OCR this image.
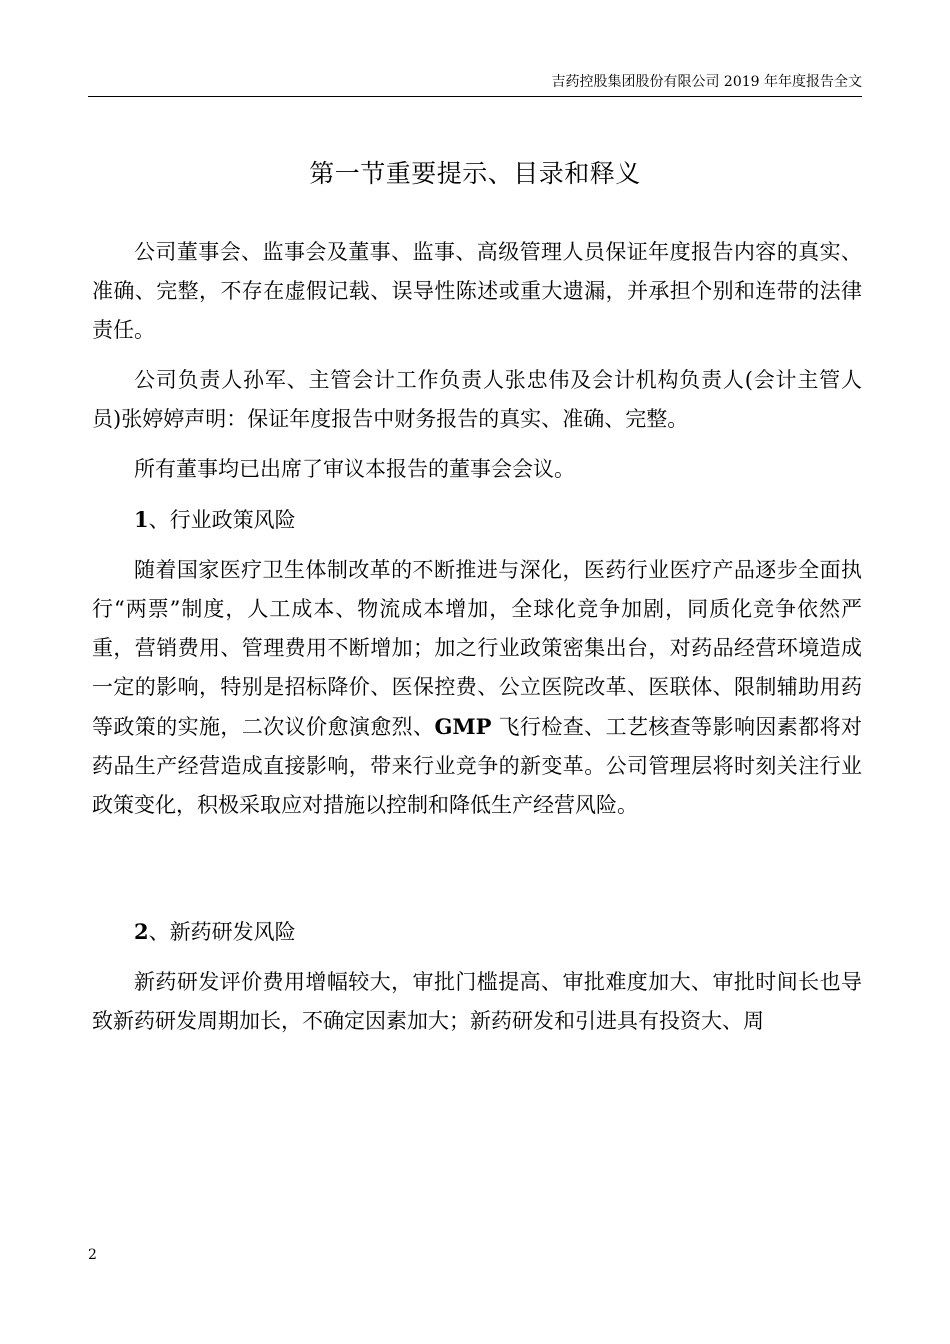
吉药控股集团股份有限公司 2019 年年度报告全文
第一节重要提示、目录和释义

公司董事会、监事会及董事、监事、高级管理人员保证年度报告内容的真实、准确、完整，不存在虚假记载、误导性陈述或重大遗漏，并承担个别和连带的法律责任。

公司负责人孙军、主管会计工作负责人张忠伟及会计机构负责人(会计主管人员)张婷婷声明：保证年度报告中财务报告的真实、准确、完整。

所有董事均已出席了审议本报告的董事会会议。

1、行业政策风险

随着国家医疗卫生体制改革的不断推进与深化，医药行业医疗产品逐步全面执行“两票”制度，人工成本、物流成本增加，全球化竞争加剧，同质化竞争依然严重，营销费用、管理费用不断增加；加之行业政策密集出台，对药品经营环境造成一定的影响，特别是招标降价、医保控费、公立医院改革、医联体、限制辅助用药等政策的实施，二次议价愈演愈烈、GMP 飞行检查、工艺核查等影响因素都将对药品生产经营造成直接影响，带来行业竞争的新变革。公司管理层将时刻关注行业政策变化，积极采取应对措施以控制和降低生产经营风险。

2、新药研发风险

新药研发评价费用增幅较大，审批门槛提高、审批难度加大、审批时间长也导致新药研发周期加长，不确定因素加大；新药研发和引进具有投资大、周

2
